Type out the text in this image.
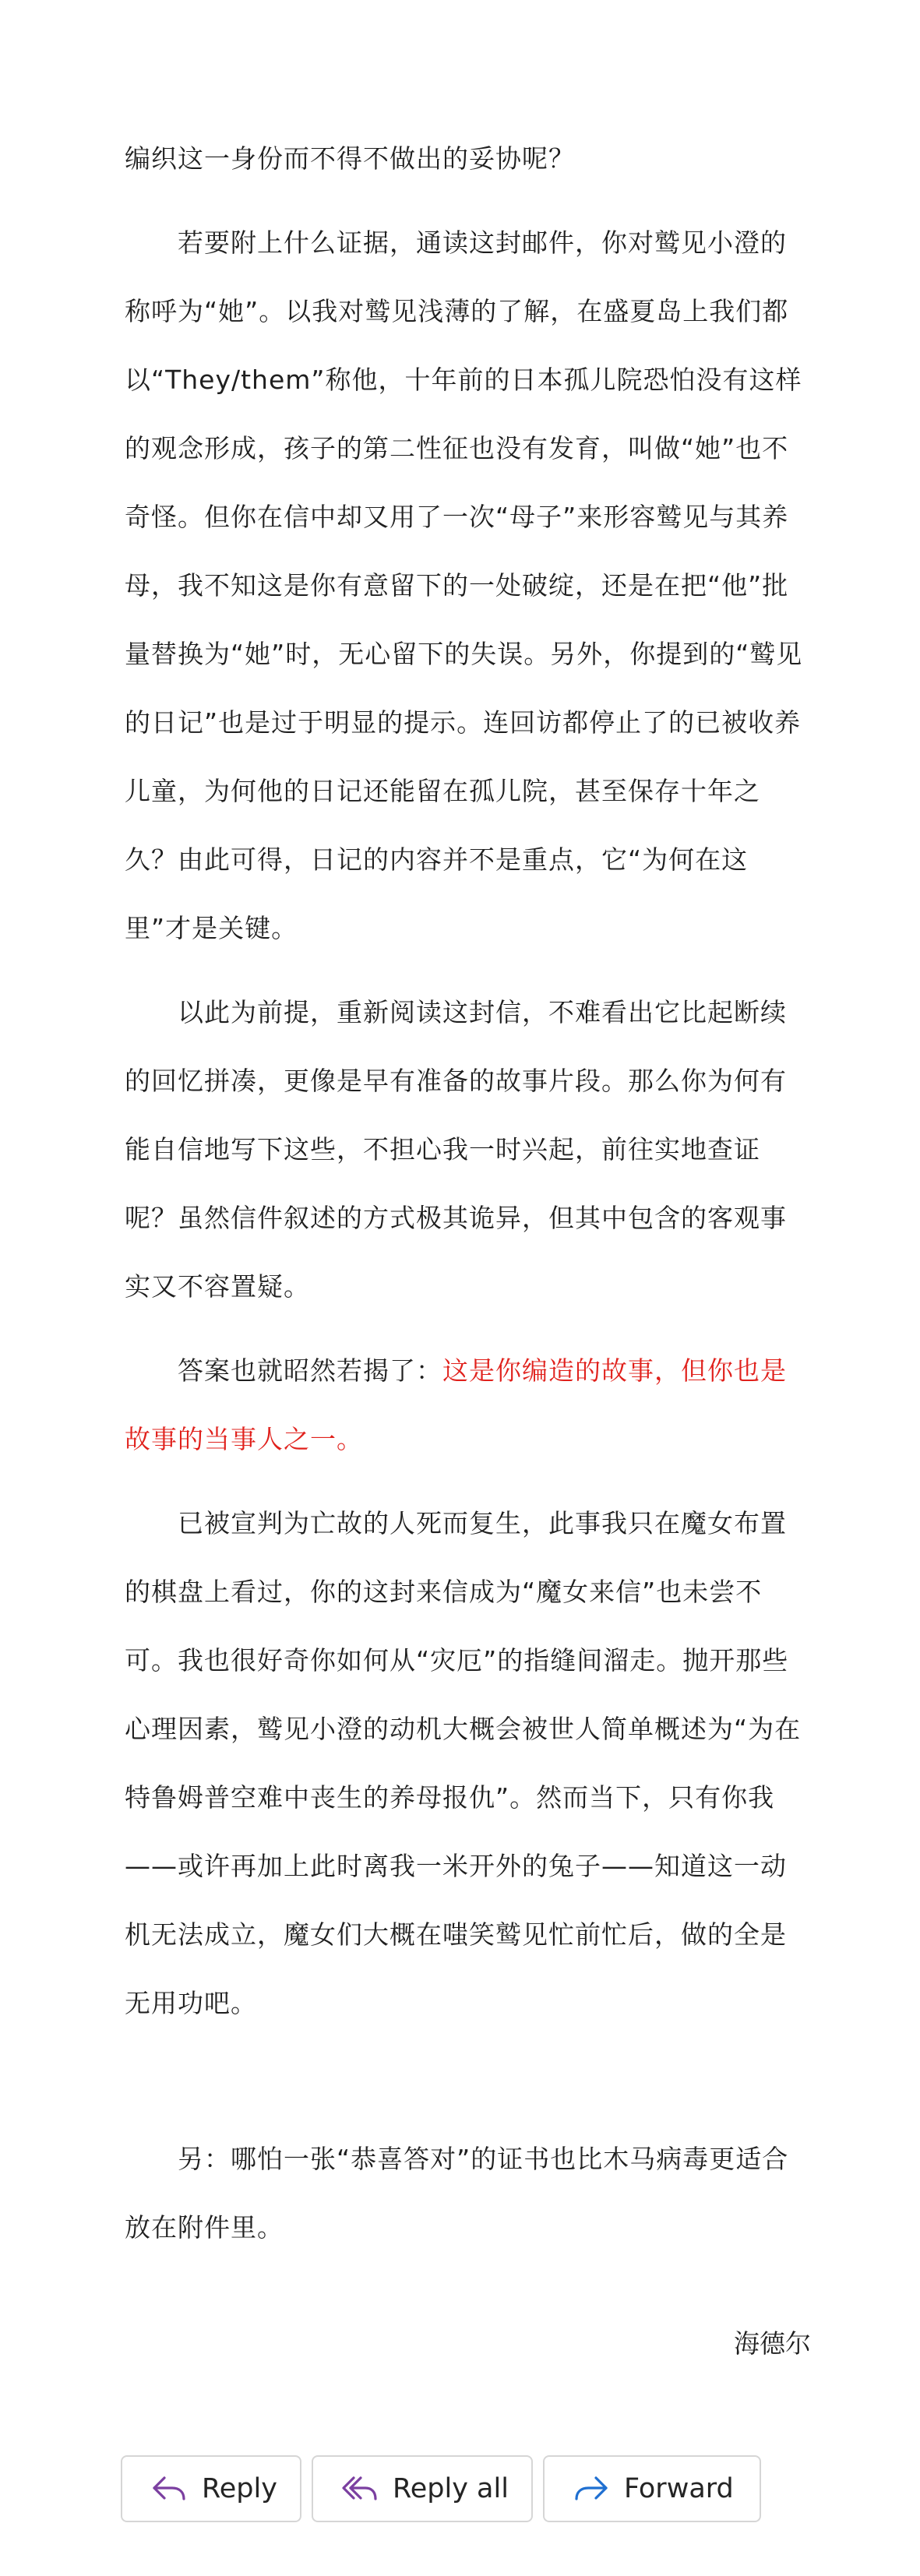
编织这一身份而不得不做出的妥协呢？

若要附上什么证据，通读这封邮件，你对鹫见小澄的称呼为“她”。以我对鹫见浅薄的了解，在盛夏岛上我们都以“They/them”称他，十年前的日本孤儿院恐怕没有这样的观念形成，孩子的第二性征也没有发育，叫做“她”也不奇怪。但你在信中却又用了一次“母子”来形容鹫见与其养母，我不知这是你有意留下的一处破绽，还是在把“他”批量替换为“她”时，无心留下的失误。另外，你提到的“鹫见的日记”也是过于明显的提示。连回访都停止了的已被收养儿童，为何他的日记还能留在孤儿院，甚至保存十年之久？由此可得，日记的内容并不是重点，它“为何在这里”才是关键。

以此为前提，重新阅读这封信，不难看出它比起断续的回忆拼凑，更像是早有准备的故事片段。那么你为何有能自信地写下这些，不担心我一时兴起，前往实地查证呢？虽然信件叙述的方式极其诡异，但其中包含的客观事实又不容置疑。

答案也就昭然若揭了：这是你编造的故事，但你也是故事的当事人之一。

已被宣判为亡故的人死而复生，此事我只在魔女布置的棋盘上看过，你的这封来信成为“魔女来信”也未尝不可。我也很好奇你如何从“灾厄”的指缝间溜走。抛开那些心理因素，鹫见小澄的动机大概会被世人简单概述为“为在特鲁姆普空难中丧生的养母报仇”。然而当下，只有你我——或许再加上此时离我一米开外的兔子——知道这一动机无法成立，魔女们大概在嗤笑鹫见忙前忙后，做的全是无用功吧。

另：哪怕一张“恭喜答对”的证书也比木马病毒更适合放在附件里。

海德尔
Reply	Reply all	Forward
